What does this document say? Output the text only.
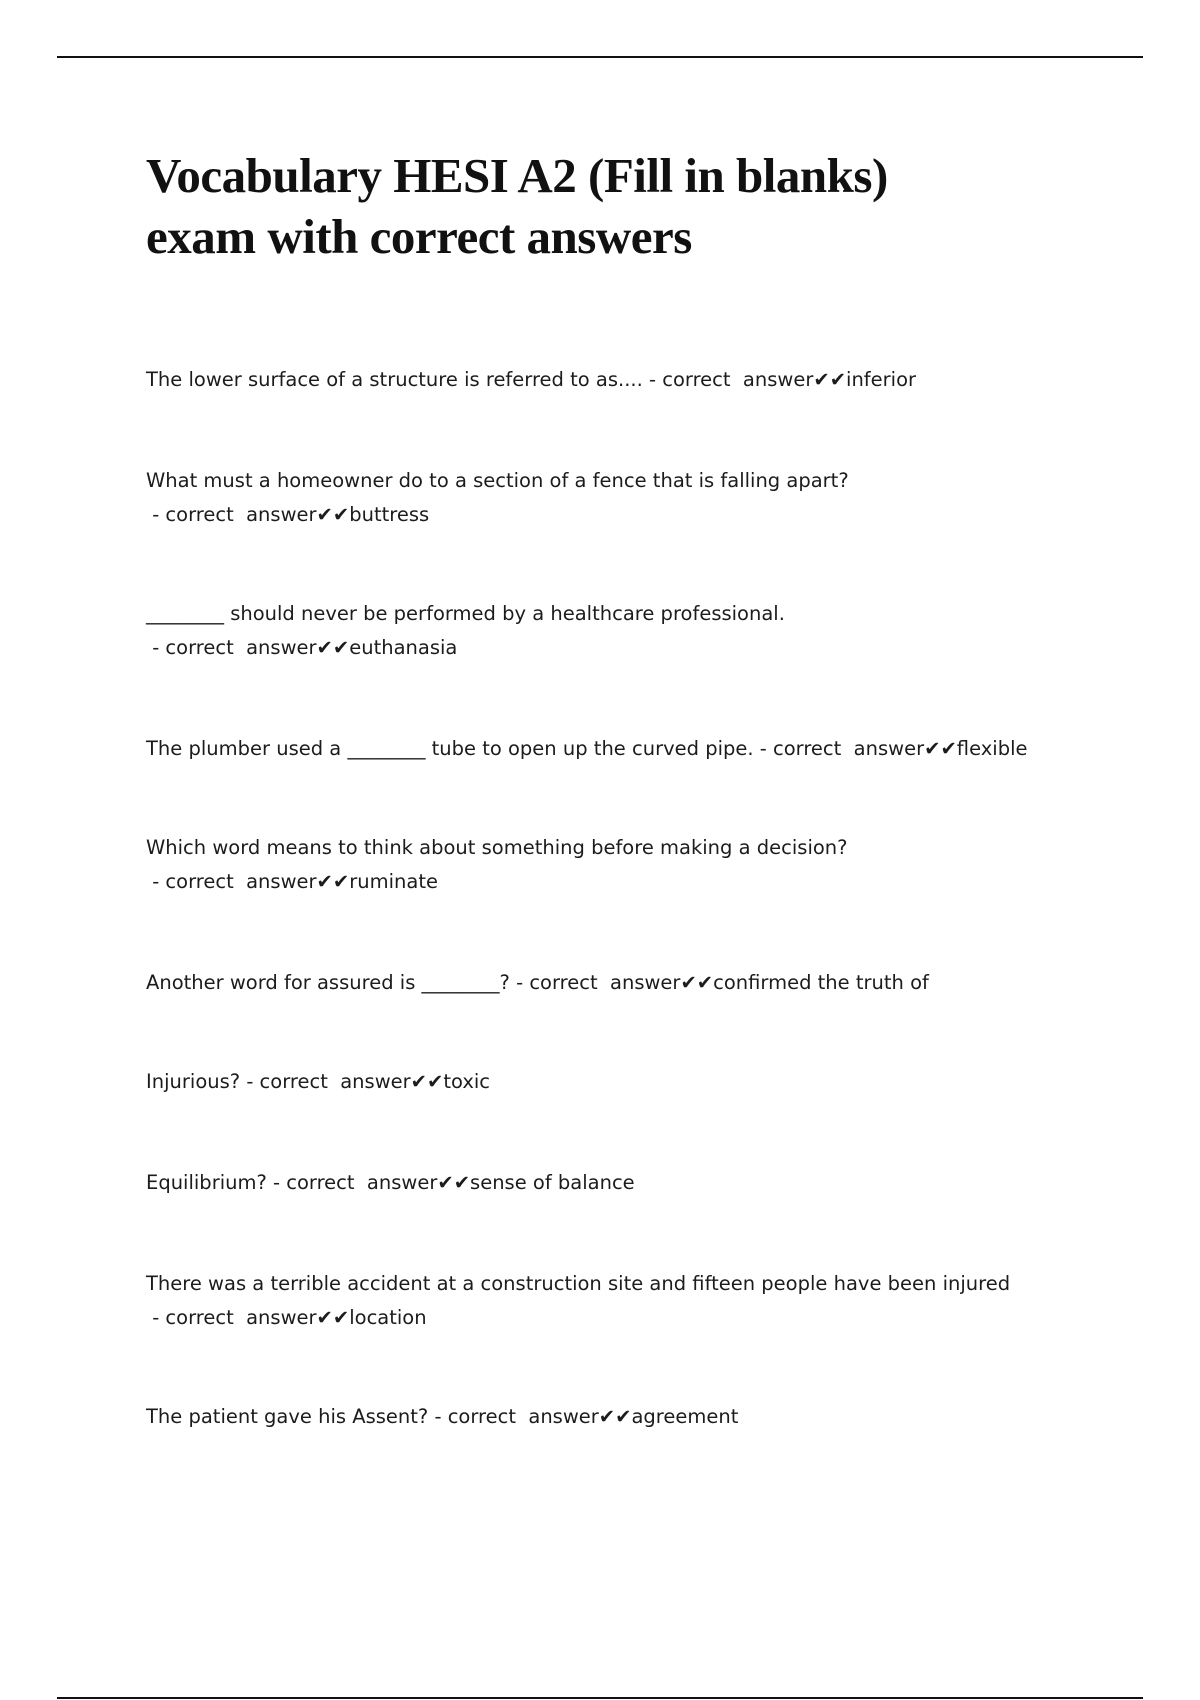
Vocabulary HESI A2 (Fill in blanks)
exam with correct answers

The lower surface of a structure is referred to as.... - correct  answer✔✔inferior

What must a homeowner do to a section of a fence that is falling apart? - correct  answer✔✔buttress

________ should never be performed by a healthcare professional. - correct  answer✔✔euthanasia

The plumber used a ________ tube to open up the curved pipe. - correct  answer✔✔flexible

Which word means to think about something before making a decision? - correct  answer✔✔ruminate

Another word for assured is ________? - correct  answer✔✔confirmed the truth of

Injurious? - correct  answer✔✔toxic

Equilibrium? - correct  answer✔✔sense of balance

There was a terrible accident at a construction site and fifteen people have been injured - correct  answer✔✔location

The patient gave his Assent? - correct  answer✔✔agreement
